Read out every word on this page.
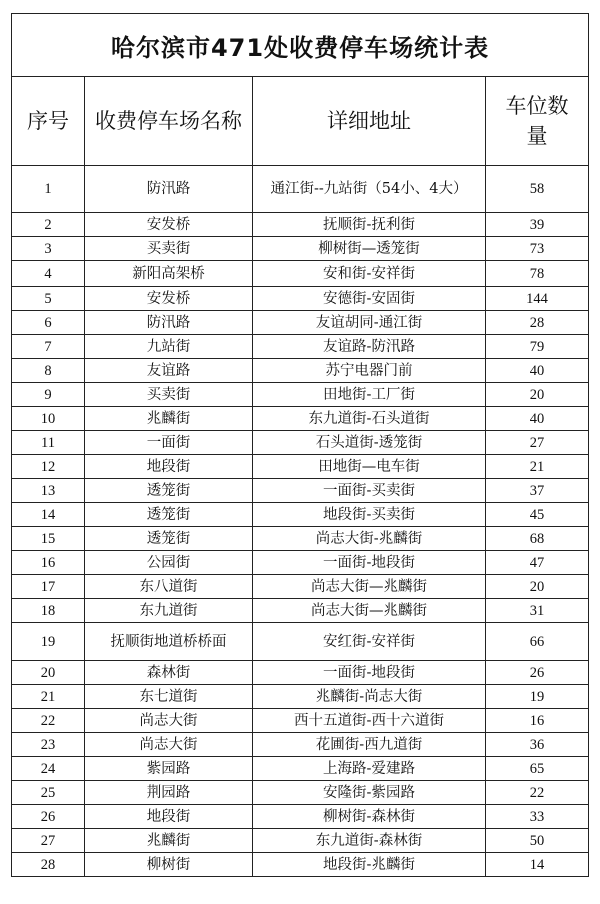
哈尔滨市471处收费停车场统计表			
序号	收费停车场名称	详细地址	车位数量
1	防汛路	通江街--九站街（54小、4大）	58
2	安发桥	抚顺街-抚利街	39
3	买卖街	柳树街—透笼街	73
4	新阳高架桥	安和街-安祥街	78
5	安发桥	安德街-安固街	144
6	防汛路	友谊胡同-通江街	28
7	九站街	友谊路-防汛路	79
8	友谊路	苏宁电器门前	40
9	买卖街	田地街-工厂街	20
10	兆麟街	东九道街-石头道街	40
11	一面街	石头道街-透笼街	27
12	地段街	田地街—电车街	21
13	透笼街	一面街-买卖街	37
14	透笼街	地段街-买卖街	45
15	透笼街	尚志大街-兆麟街	68
16	公园街	一面街-地段街	47
17	东八道街	尚志大街—兆麟街	20
18	东九道街	尚志大街—兆麟街	31
19	抚顺街地道桥桥面	安红街-安祥街	66
20	森林街	一面街-地段街	26
21	东七道街	兆麟街-尚志大街	19
22	尚志大街	西十五道街-西十六道街	16
23	尚志大街	花圃街-西九道街	36
24	紫园路	上海路-爱建路	65
25	荆园路	安隆街-紫园路	22
26	地段街	柳树街-森林街	33
27	兆麟街	东九道街-森林街	50
28	柳树街	地段街-兆麟街	14
